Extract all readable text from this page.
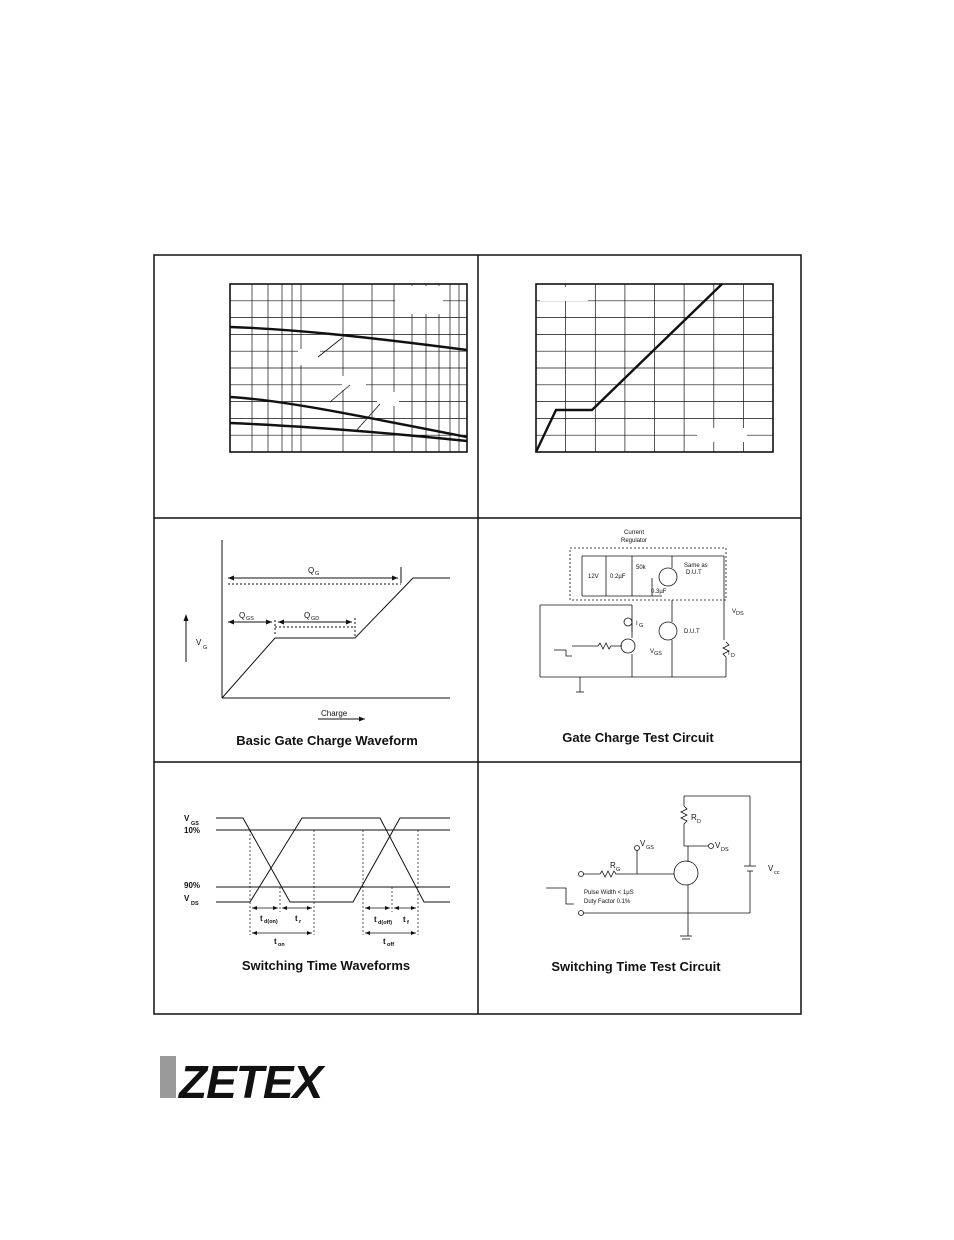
Q G
Q GS	Q GD
V
G
Charge
Basic Gate Charge Waveform
Current
Regulator
12V 0.2µF
50k
0.3µF
Same as
D.U.T
D.U.T
I G
V GS
V DS
I D
Gate Charge Test Circuit
V
GS
10%
90%
V
DS
t d(on) t r
t on
t d(off) t f
t off
Switching Time Waveforms
R D
V GS	V DS
R G	V cc
Pulse Width < 1µS
Duty Factor 0.1%
Switching Time Test Circuit
ZETEX
